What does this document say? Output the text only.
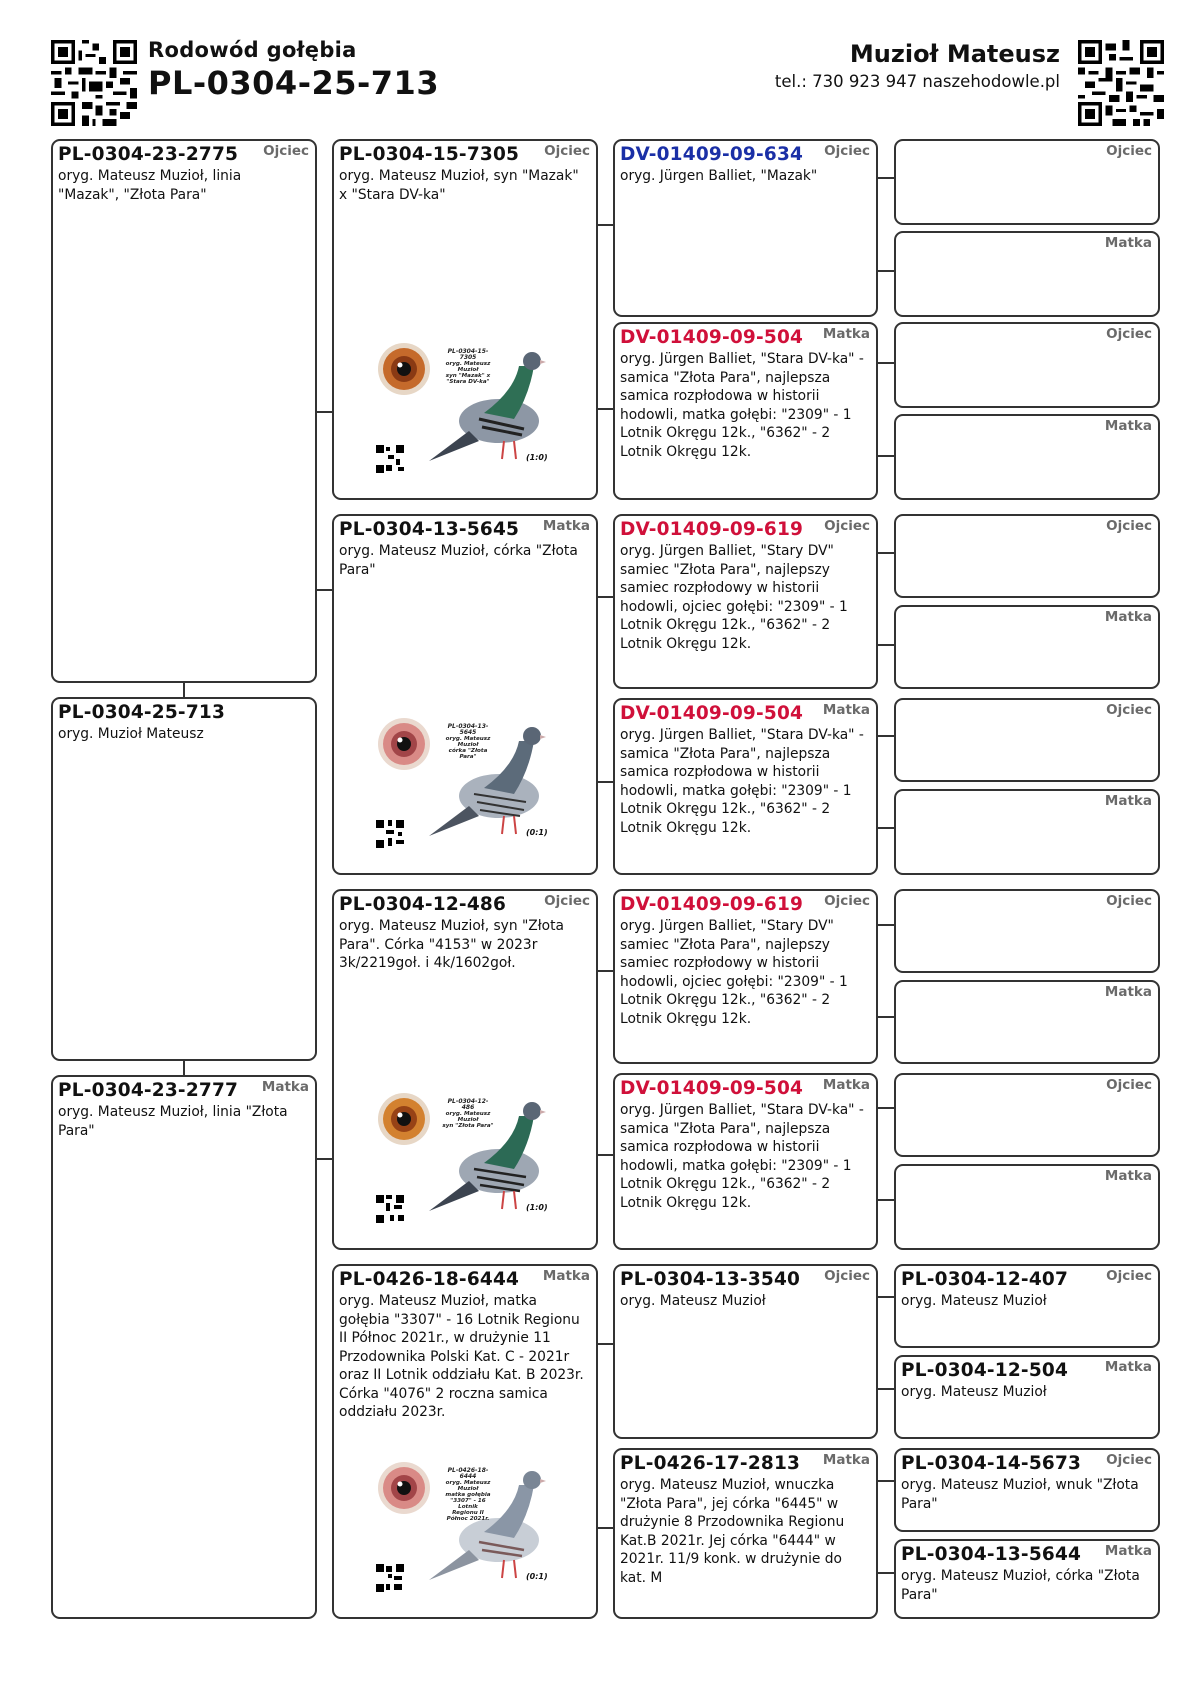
Rodowód gołębia
PL-0304-25-713
Muzioł Mateusz
tel.: 730 923 947 naszehodowle.pl
PL-0304-23-2775	Ojciec
oryg. Mateusz Muzioł, linia "Mazak", "Złota Para"
PL-0304-25-713
oryg. Muzioł Mateusz
PL-0304-23-2777	Matka
oryg. Mateusz Muzioł, linia "Złota Para"
PL-0304-15-7305	Ojciec
oryg. Mateusz Muzioł, syn "Mazak" x "Stara DV-ka"
PL-0304-15-7305
oryg. Mateusz Muzioł
syn "Mazak" x "Stara DV-ka"
(1:0)
PL-0304-13-5645	Matka
oryg. Mateusz Muzioł, córka "Złota Para"
PL-0304-13-5645
oryg. Mateusz Muzioł
córka "Złota Para"
(0:1)
PL-0304-12-486	Ojciec
oryg. Mateusz Muzioł, syn "Złota Para". Córka "4153" w 2023r 3k/2219goł. i 4k/1602goł.
PL-0304-12-486
oryg. Mateusz Muzioł
syn "Złota Para"
(1:0)
PL-0426-18-6444	Matka
oryg. Mateusz Muzioł, matka gołębia "3307" - 16 Lotnik Regionu II Północ 2021r., w drużynie 11 Przodownika Polski Kat. C - 2021r oraz II Lotnik oddziału Kat. B 2023r. Córka "4076" 2 roczna samica oddziału 2023r.
PL-0426-18-6444
oryg. Mateusz Muzioł
matka gołębia
"3307" - 16 Lotnik
Regionu II Północ 2021r.
(0:1)
DV-01409-09-634	Ojciec
oryg. Jürgen Balliet, "Mazak"
DV-01409-09-504	Matka
oryg. Jürgen Balliet, "Stara DV-ka" - samica "Złota Para", najlepsza samica rozpłodowa w historii hodowli, matka gołębi: "2309" - 1 Lotnik Okręgu 12k., "6362" - 2 Lotnik Okręgu 12k.
DV-01409-09-619	Ojciec
oryg. Jürgen Balliet, "Stary DV" samiec "Złota Para", najlepszy samiec rozpłodowy w historii hodowli, ojciec gołębi: "2309" - 1 Lotnik Okręgu 12k., "6362" - 2 Lotnik Okręgu 12k.
DV-01409-09-504	Matka
oryg. Jürgen Balliet, "Stara DV-ka" - samica "Złota Para", najlepsza samica rozpłodowa w historii hodowli, matka gołębi: "2309" - 1 Lotnik Okręgu 12k., "6362" - 2 Lotnik Okręgu 12k.
DV-01409-09-619	Ojciec
oryg. Jürgen Balliet, "Stary DV" samiec "Złota Para", najlepszy samiec rozpłodowy w historii hodowli, ojciec gołębi: "2309" - 1 Lotnik Okręgu 12k., "6362" - 2 Lotnik Okręgu 12k.
DV-01409-09-504	Matka
oryg. Jürgen Balliet, "Stara DV-ka" - samica "Złota Para", najlepsza samica rozpłodowa w historii hodowli, matka gołębi: "2309" - 1 Lotnik Okręgu 12k., "6362" - 2 Lotnik Okręgu 12k.
PL-0304-13-3540	Ojciec
oryg. Mateusz Muzioł
PL-0426-17-2813	Matka
oryg. Mateusz Muzioł, wnuczka "Złota Para", jej córka "6445" w drużynie 8 Przodownika Regionu Kat.B 2021r. Jej córka "6444" w 2021r. 11/9 konk. w drużynie do kat. M
Ojciec
Matka
Ojciec
Matka
Ojciec
Matka
Ojciec
Matka
Ojciec
Matka
Ojciec
Matka
PL-0304-12-407	Ojciec
oryg. Mateusz Muzioł
PL-0304-12-504	Matka
oryg. Mateusz Muzioł
PL-0304-14-5673	Ojciec
oryg. Mateusz Muzioł, wnuk "Złota Para"
PL-0304-13-5644	Matka
oryg. Mateusz Muzioł, córka "Złota Para"
